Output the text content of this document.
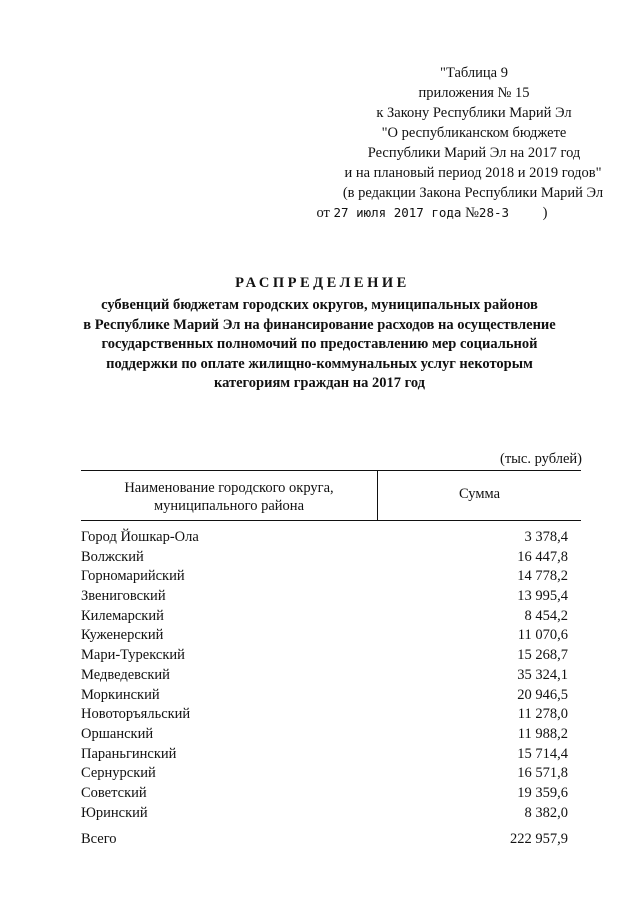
"Таблица 9
приложения № 15
к Закону Республики Марий Эл
"О республиканском бюджете
Республики Марий Эл на 2017 год
и на плановый период 2018 и 2019 годов"
(в редакции Закона Республики Марий Эл
от 27 июля 2017 года №28-З )
РАСПРЕДЕЛЕНИЕ
субвенций бюджетам городских округов, муниципальных районов
в Республике Марий Эл на финансирование расходов на осуществление
государственных полномочий по предоставлению мер социальной
поддержки по оплате жилищно-коммунальных услуг некоторым
категориям граждан на 2017 год
(тыс. рублей)
Наименование городского округа,
муниципального района
Сумма
Город Йошкар-Ола	3 378,4
Волжский	16 447,8
Горномарийский	14 778,2
Звениговский	13 995,4
Килемарский	8 454,2
Куженерский	11 070,6
Мари-Турекский	15 268,7
Медведевский	35 324,1
Моркинский	20 946,5
Новоторъяльский	11 278,0
Оршанский	11 988,2
Параньгинский	15 714,4
Сернурский	16 571,8
Советский	19 359,6
Юринский	8 382,0
Всего	222 957,9
